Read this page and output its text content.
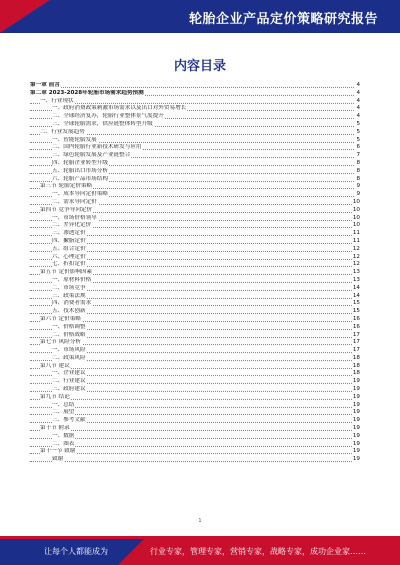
轮胎企业产品定价策略研究报告
内容目录
第一章 前言	4
第二章 2023-2028年轮胎市场需求趋势预测	4
一、行业现状	4
一、政府消费政策刺激市场需求以及出口对外贸易增长	4
二、全球经济复苏，轮胎行业整体景气度提升	4
三、全球轮胎需求，供应链整体转型升级	5
二、行业发展趋势	5
一、智能轮胎发展	5
二、国内轮胎行业新技术研发与应用	6
三、绿色轮胎发展及产业链整合	7
四、轮胎企业转型升级	8
五、轮胎出口市场分析	8
六、轮胎产品市场结构	8
第三节 轮胎定价策略	9
一、成本导向定价策略	9
二、需求导向定价	10
第四节 竞争导向定价	10
一、市场价格领导	10
二、差异化定价	10
三、渗透定价	11
四、撇脂定价	11
五、组合定价	12
六、心理定价	12
七、折扣定价	12
第五节 定价影响因素	13
一、原材料价格	13
二、市场竞争	14
三、政策法规	14
四、消费者需求	15
五、技术创新	15
第六节 定价策略	16
一、价格调整	16
二、价格战略	17
第七节 风险分析	17
一、市场风险	17
二、政策风险	18
第八节 建议	18
一、企业建议	18
二、行业建议	19
三、政府建议	19
第九节 结论	19
一、总结	19
二、展望	19
三、参考文献	19
第十节 附录	19
一、数据	19
二、图表	19
第十一节 致谢	19
致谢	19
1
让每个人都能成为	行业专家，管理专家，营销专家，战略专家，成功企业家……
